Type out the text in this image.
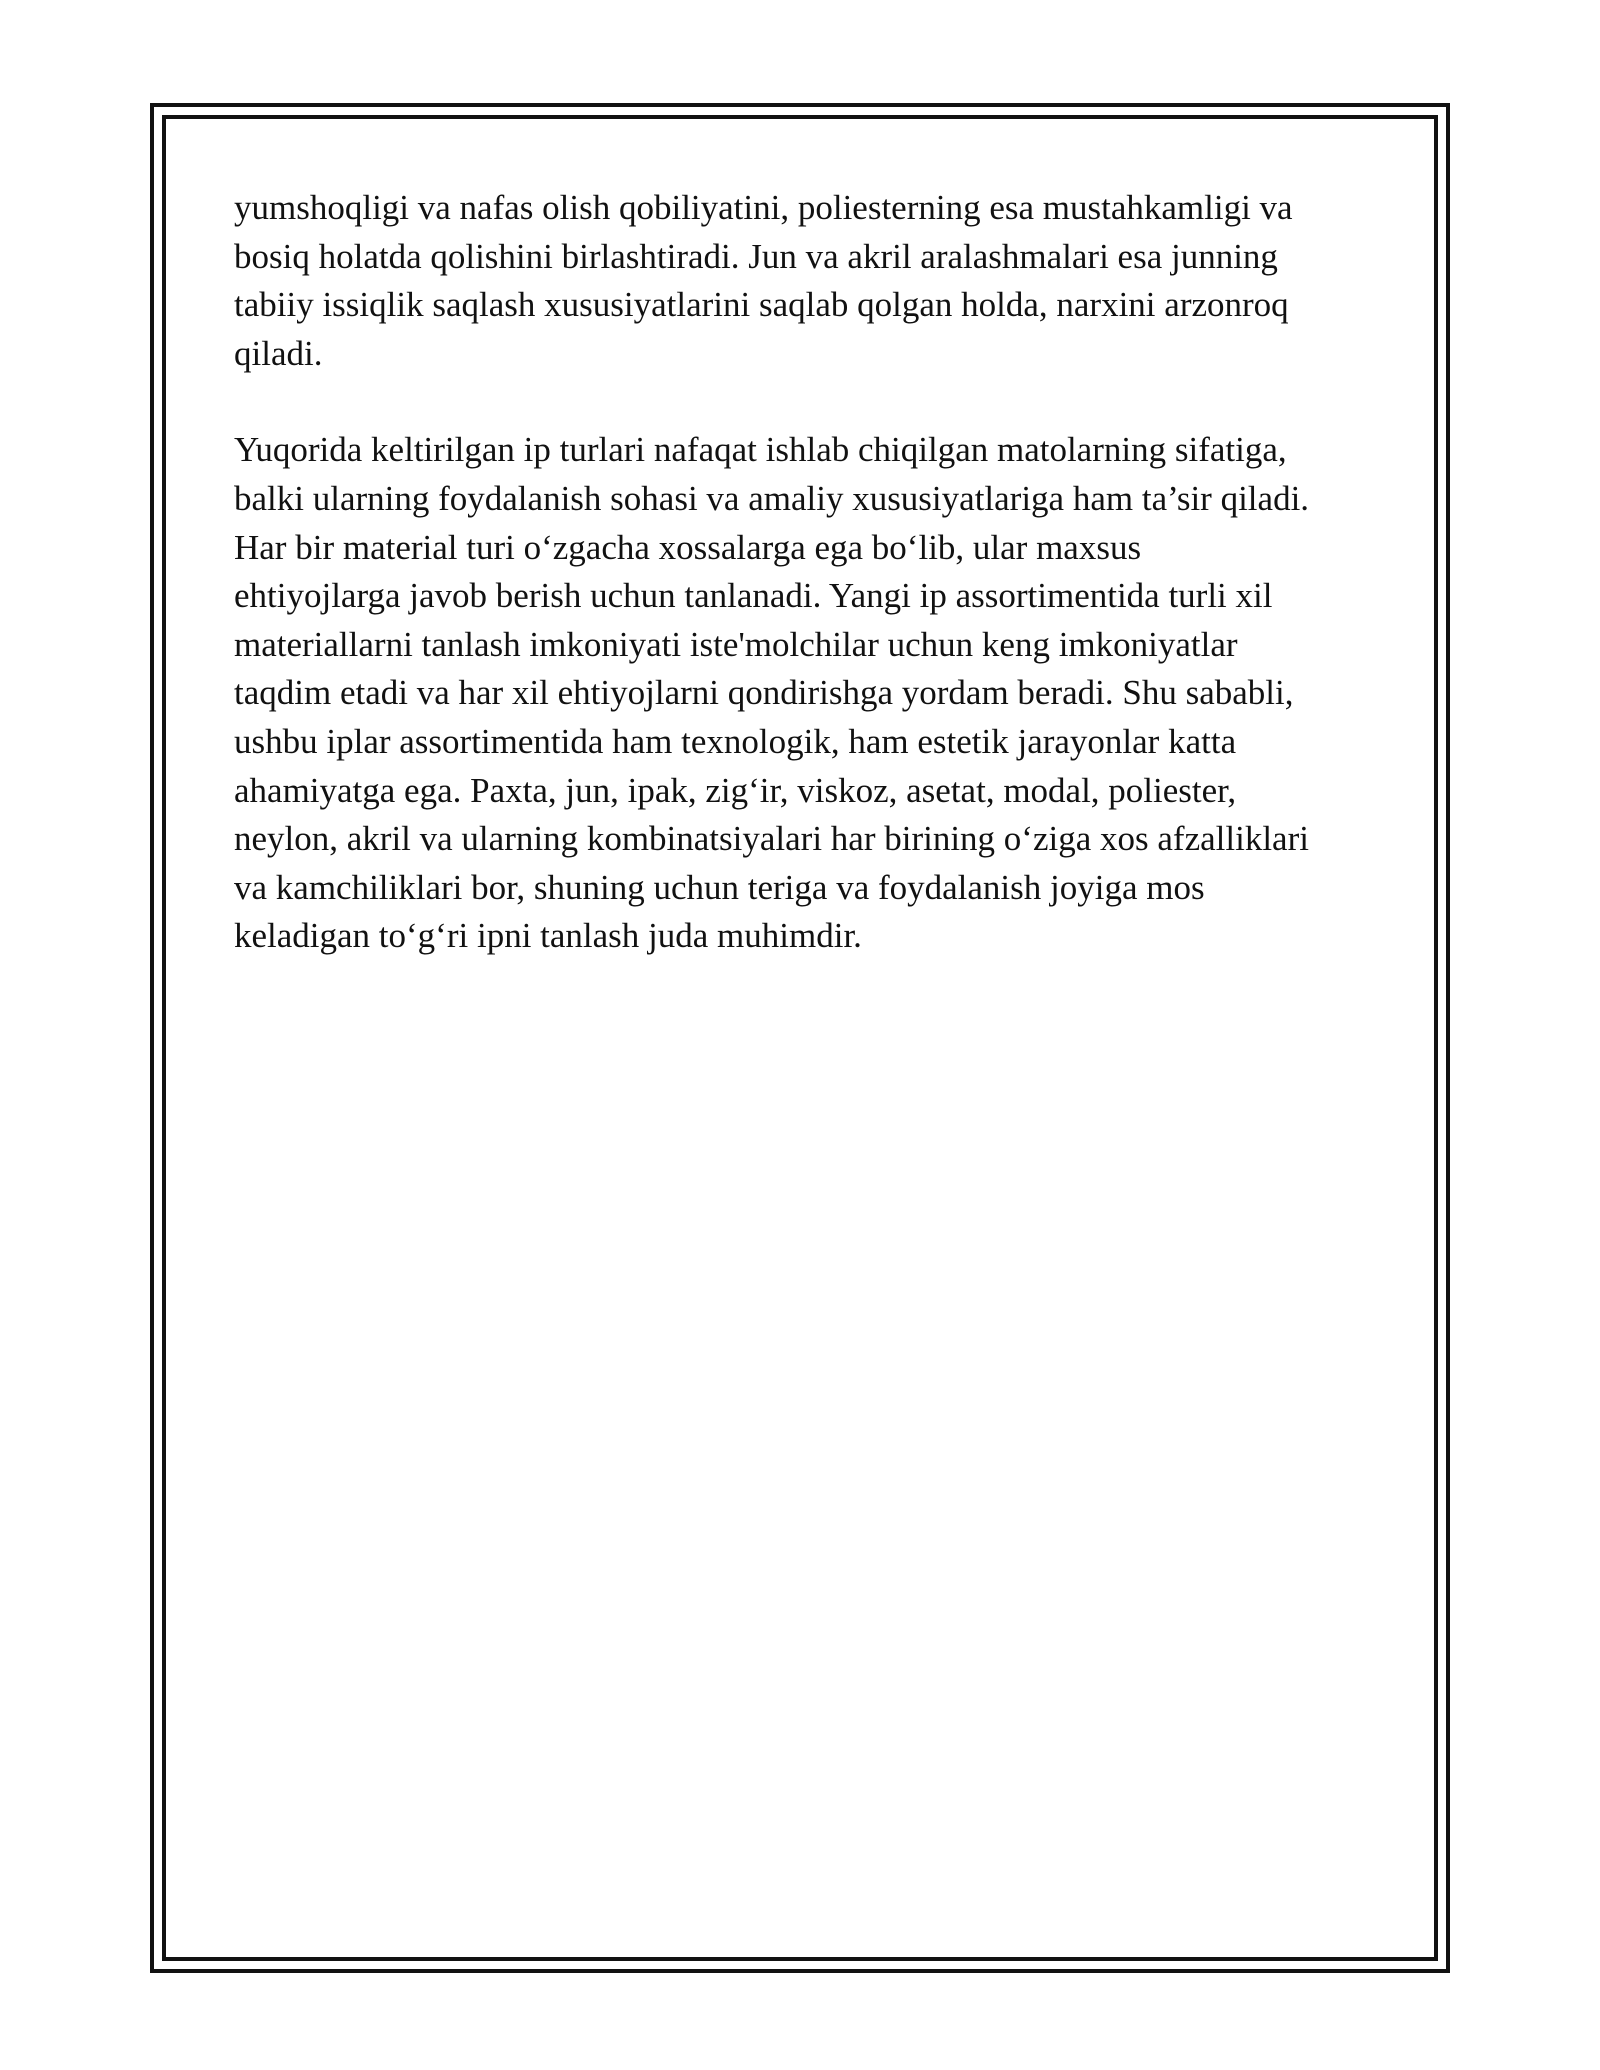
yumshoqligi va nafas olish qobiliyatini, poliesterning esa mustahkamligi va
bosiq holatda qolishini birlashtiradi. Jun va akril aralashmalari esa junning
tabiiy issiqlik saqlash xususiyatlarini saqlab qolgan holda, narxini arzonroq
qiladi.

Yuqorida keltirilgan ip turlari nafaqat ishlab chiqilgan matolarning sifatiga,
balki ularning foydalanish sohasi va amaliy xususiyatlariga ham ta’sir qiladi.
Har bir material turi o‘zgacha xossalarga ega bo‘lib, ular maxsus
ehtiyojlarga javob berish uchun tanlanadi. Yangi ip assortimentida turli xil
materiallarni tanlash imkoniyati iste'molchilar uchun keng imkoniyatlar
taqdim etadi va har xil ehtiyojlarni qondirishga yordam beradi. Shu sababli,
ushbu iplar assortimentida ham texnologik, ham estetik jarayonlar katta
ahamiyatga ega. Paxta, jun, ipak, zig‘ir, viskoz, asetat, modal, poliester,
neylon, akril va ularning kombinatsiyalari har birining o‘ziga xos afzalliklari
va kamchiliklari bor, shuning uchun teriga va foydalanish joyiga mos
keladigan to‘g‘ri ipni tanlash juda muhimdir.
